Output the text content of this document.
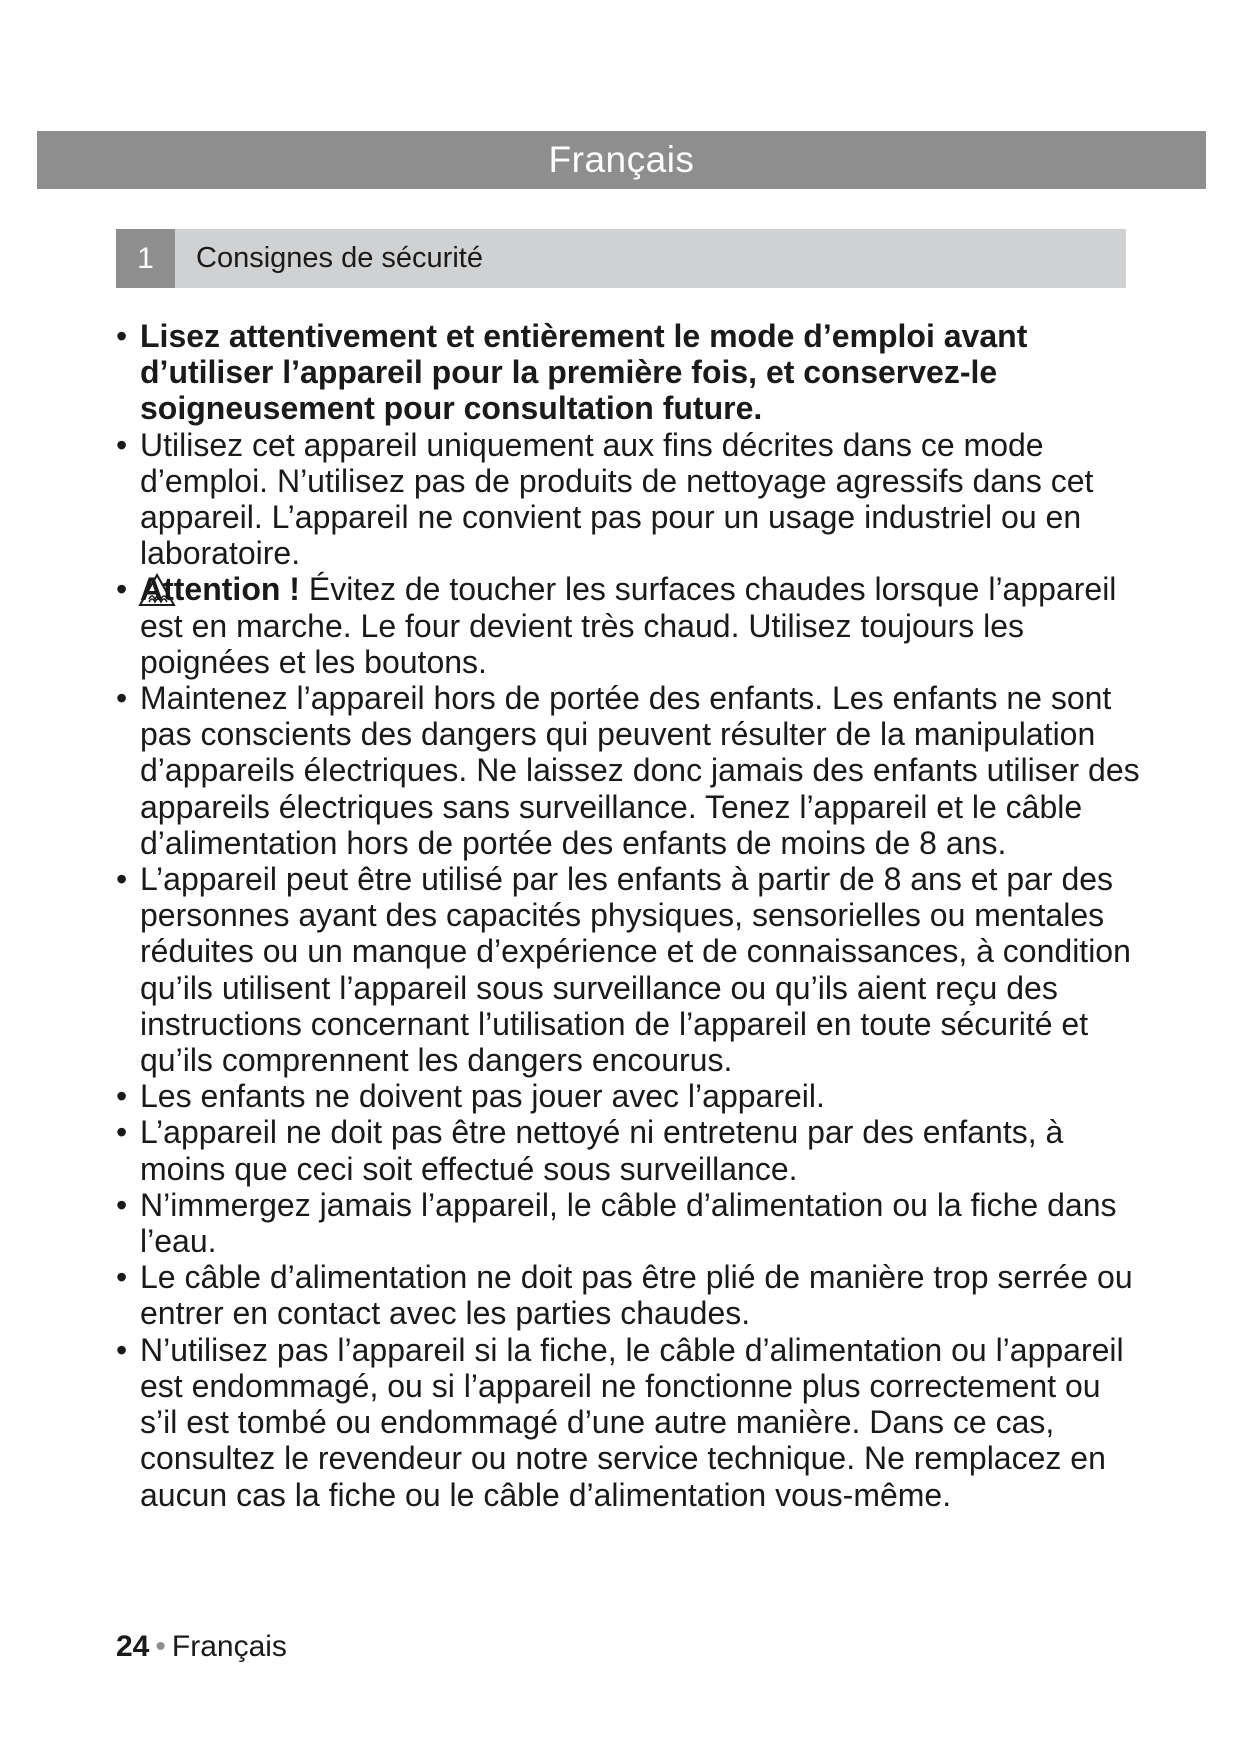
Français
1	Consignes de sécurité
• Lisez attentivement et entièrement le mode d’emploi avant d’utiliser l’appareil pour la première fois, et conservez-le soigneusement pour consultation future.
• Utilisez cet appareil uniquement aux fins décrites dans ce mode d’emploi. N’utilisez pas de produits de nettoyage agressifs dans cet appareil. L’appareil ne convient pas pour un usage industriel ou en laboratoire.
•
Attention ! Évitez de toucher les surfaces chaudes lorsque l’appareil est en marche. Le four devient très chaud. Utilisez toujours les poignées et les boutons.
• Maintenez l’appareil hors de portée des enfants. Les enfants ne sont pas conscients des dangers qui peuvent résulter de la manipulation d’appareils électriques. Ne laissez donc jamais des enfants utiliser des appareils électriques sans surveillance. Tenez l’appareil et le câble d’alimentation hors de portée des enfants de moins de 8 ans.
• L’appareil peut être utilisé par les enfants à partir de 8 ans et par des personnes ayant des capacités physiques, sensorielles ou mentales réduites ou un manque d’expérience et de connaissances, à condition qu’ils utilisent l’appareil sous surveillance ou qu’ils aient reçu des instructions concernant l’utilisation de l’appareil en toute sécurité et qu’ils comprennent les dangers encourus.
• Les enfants ne doivent pas jouer avec l’appareil.
• L’appareil ne doit pas être nettoyé ni entretenu par des enfants, à moins que ceci soit effectué sous surveillance.
• N’immergez jamais l’appareil, le câble d’alimentation ou la fiche dans l’eau.
• Le câble d’alimentation ne doit pas être plié de manière trop serrée ou entrer en contact avec les parties chaudes.
• N’utilisez pas l’appareil si la fiche, le câble d’alimentation ou l’appareil est endommagé, ou si l’appareil ne fonctionne plus correctement ou s’il est tombé ou endommagé d’une autre manière. Dans ce cas, consultez le revendeur ou notre service technique. Ne remplacez en aucun cas la fiche ou le câble d’alimentation vous-même.
24 • Français
